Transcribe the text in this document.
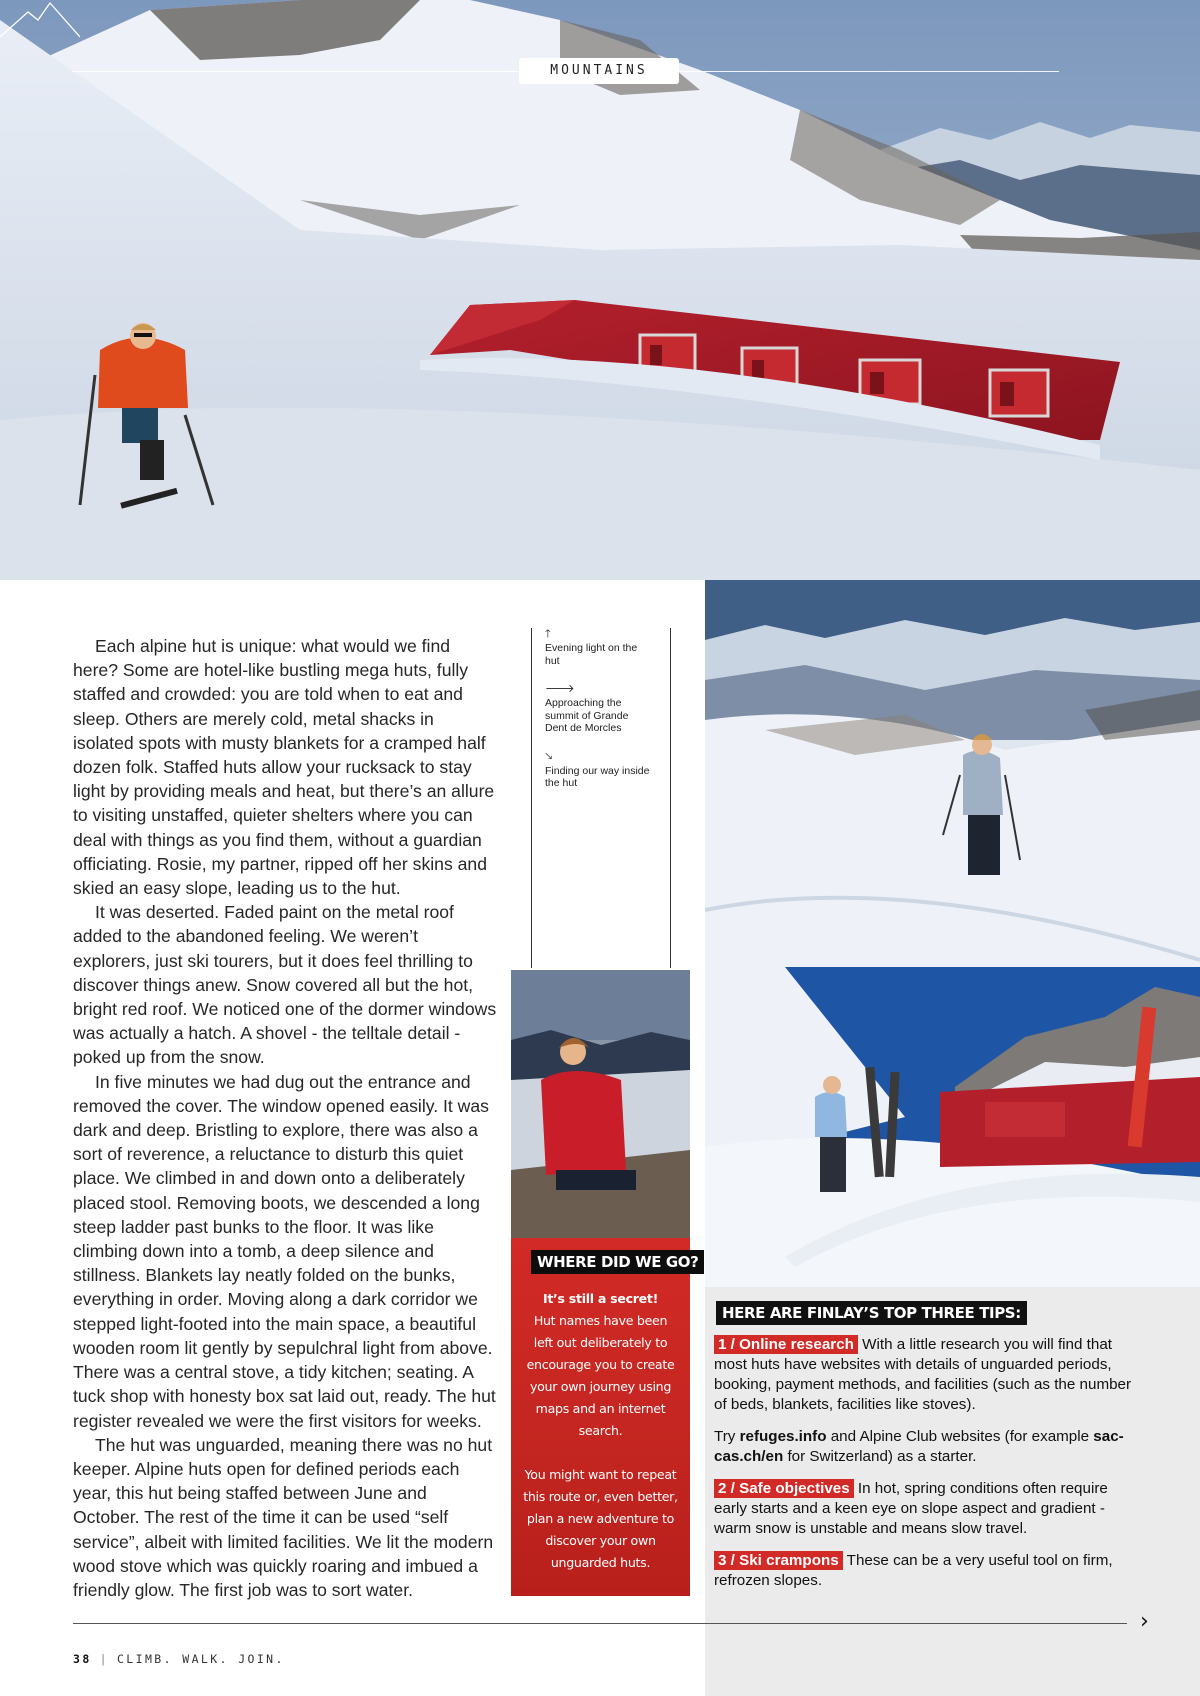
MOUNTAINS

Each alpine hut is unique: what would we find here? Some are hotel-like bustling mega huts, fully staffed and crowded: you are told when to eat and sleep. Others are merely cold, metal shacks in isolated spots with musty blankets for a cramped half dozen folk. Staffed huts allow your rucksack to stay light by providing meals and heat, but there’s an allure to visiting unstaffed, quieter shelters where you can deal with things as you find them, without a guardian officiating. Rosie, my partner, ripped off her skins and skied an easy slope, leading us to the hut.

It was deserted. Faded paint on the metal roof added to the abandoned feeling. We weren’t explorers, just ski tourers, but it does feel thrilling to discover things anew. Snow covered all but the hot, bright red roof. We noticed one of the dormer windows was actually a hatch. A shovel - the telltale detail - poked up from the snow.

In five minutes we had dug out the entrance and removed the cover. The window opened easily. It was dark and deep. Bristling to explore, there was also a sort of reverence, a reluctance to disturb this quiet place. We climbed in and down onto a deliberately placed stool. Removing boots, we descended a long steep ladder past bunks to the floor. It was like climbing down into a tomb, a deep silence and stillness. Blankets lay neatly folded on the bunks, everything in order. Moving along a dark corridor we stepped light-footed into the main space, a beautiful wooden room lit gently by sepulchral light from above. There was a central stove, a tidy kitchen; seating. A tuck shop with honesty box sat laid out, ready. The hut register revealed we were the first visitors for weeks.

The hut was unguarded, meaning there was no hut keeper. Alpine huts open for defined periods each year, this hut being staffed between June and October. The rest of the time it can be used “self service”, albeit with limited facilities. We lit the modern wood stove which was quickly roaring and imbued a friendly glow. The first job was to sort water.

🡑
Evening light on the hut
🡒
Approaching the summit of Grande Dent de Morcles
🡖
Finding our way inside the hut
WHERE DID WE GO?
It’s still a secret!
Hut names have been left out deliberately to encourage you to create your own journey using maps and an internet search.
You might want to repeat this route or, even better, plan a new adventure to discover your own unguarded huts.
HERE ARE FINLAY’S TOP THREE TIPS:
1 / Online research With a little research you will find that most huts have websites with details of unguarded periods, booking, payment methods, and facilities (such as the number of beds, blankets, facilities like stoves).
Try refuges.info and Alpine Club websites (for example sac-cas.ch/en for Switzerland) as a starter.
2 / Safe objectives In hot, spring conditions often require early starts and a keen eye on slope aspect and gradient - warm snow is unstable and means slow travel.
3 / Ski crampons These can be a very useful tool on firm, refrozen slopes.
›
38 | CLIMB. WALK. JOIN.
